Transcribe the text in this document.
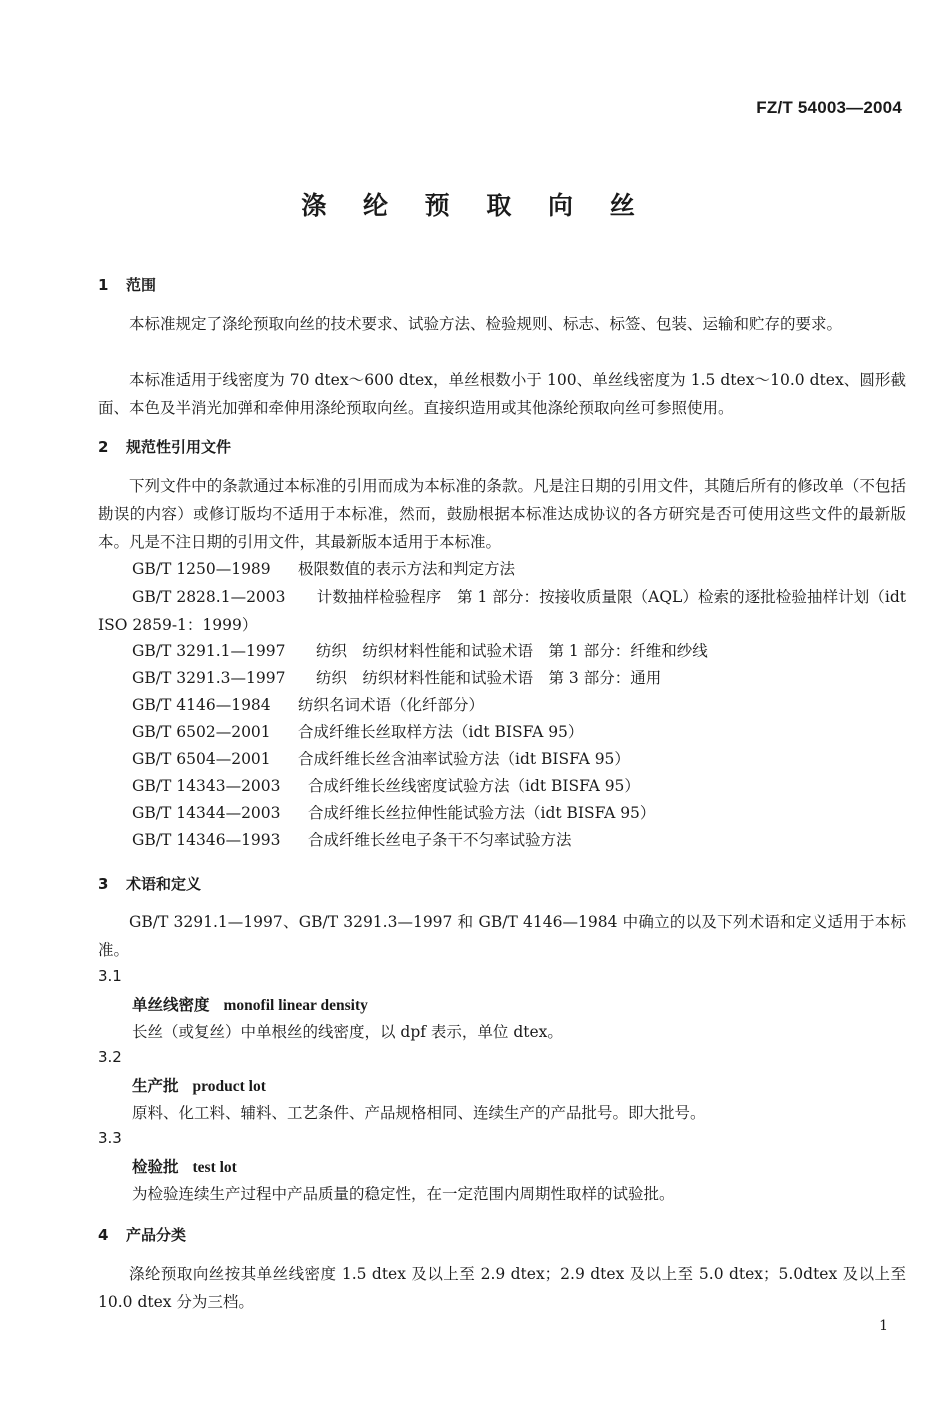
FZ/T 54003—2004
涤 纶 预 取 向 丝
1 范围
本标准规定了涤纶预取向丝的技术要求、试验方法、检验规则、标志、标签、包装、运输和贮存的要求。
本标准适用于线密度为 70 dtex～600 dtex，单丝根数小于 100、单丝线密度为 1.5 dtex～10.0 dtex、圆形截面、本色及半消光加弹和牵伸用涤纶预取向丝。直接织造用或其他涤纶预取向丝可参照使用。
2 规范性引用文件
下列文件中的条款通过本标准的引用而成为本标准的条款。凡是注日期的引用文件，其随后所有的修改单（不包括勘误的内容）或修订版均不适用于本标准，然而，鼓励根据本标准达成协议的各方研究是否可使用这些文件的最新版本。凡是不注日期的引用文件，其最新版本适用于本标准。
GB/T 1250—1989 极限数值的表示方法和判定方法
GB/T 2828.1—2003　　 计数抽样检验程序　第 1 部分：按接收质量限（AQL）检索的逐批检验抽样计划（idt ISO 2859-1：1999）
GB/T 3291.1—1997 纺织　纺织材料性能和试验术语　第 1 部分：纤维和纱线
GB/T 3291.3—1997 纺织　纺织材料性能和试验术语　第 3 部分：通用
GB/T 4146—1984 纺织名词术语（化纤部分）
GB/T 6502—2001 合成纤维长丝取样方法（idt BISFA 95）
GB/T 6504—2001 合成纤维长丝含油率试验方法（idt BISFA 95）
GB/T 14343—2003 合成纤维长丝线密度试验方法（idt BISFA 95）
GB/T 14344—2003 合成纤维长丝拉伸性能试验方法（idt BISFA 95）
GB/T 14346—1993 合成纤维长丝电子条干不匀率试验方法
3 术语和定义
GB/T 3291.1—1997、GB/T 3291.3—1997 和 GB/T 4146—1984 中确立的以及下列术语和定义适用于本标准。
3.1
单丝线密度 monofil linear density
长丝（或复丝）中单根丝的线密度，以 dpf 表示，单位 dtex。
3.2
生产批 product lot
原料、化工料、辅料、工艺条件、产品规格相同、连续生产的产品批号。即大批号。
3.3
检验批 test lot
为检验连续生产过程中产品质量的稳定性，在一定范围内周期性取样的试验批。
4 产品分类
涤纶预取向丝按其单丝线密度 1.5 dtex 及以上至 2.9 dtex；2.9 dtex 及以上至 5.0 dtex；5.0dtex 及以上至 10.0 dtex 分为三档。
1
